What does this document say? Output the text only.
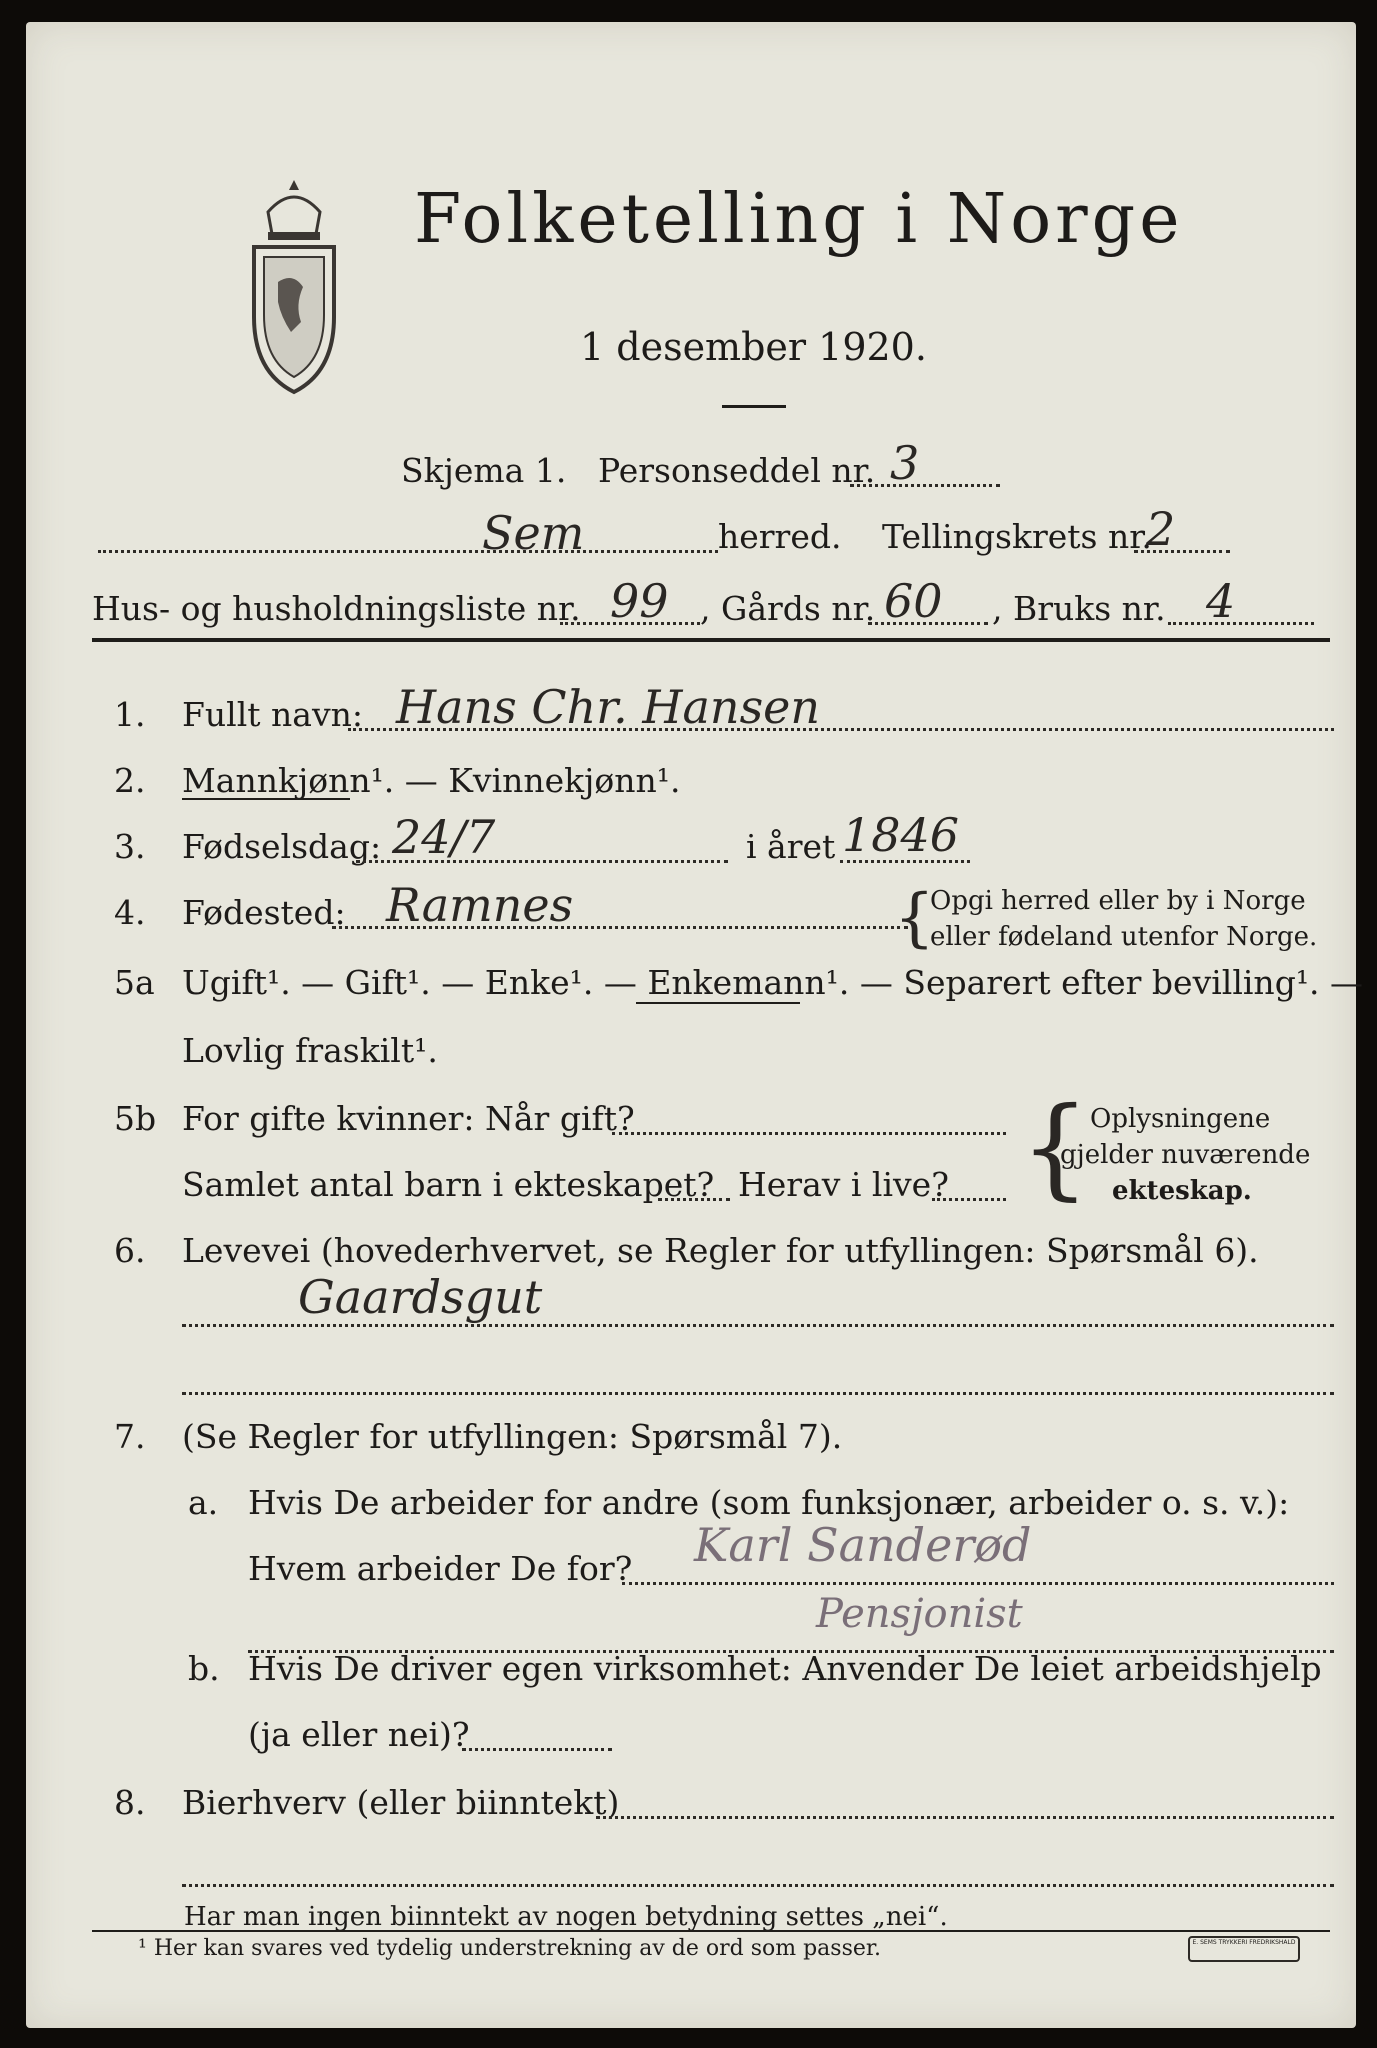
Folketelling i Norge
1 desember 1920.
Skjema 1. Personseddel nr. 3
Sem	herred. Tellingskrets nr.
2
Hus- og husholdningsliste nr. 99 , Gårds nr. 60 , Bruks nr. 4
1. Fullt navn: Hans Chr. Hansen
2. Mannkjønn¹. — Kvinnekjønn¹.
3. Fødselsdag: 24/7	i året 1846
4. Fødested: Ramnes	{
Opgi herred eller by i Norge
eller fødeland utenfor Norge.
5a Ugift¹. — Gift¹. — Enke¹. — Enkemann¹. — Separert efter bevilling¹. —
Lovlig fraskilt¹.
5b For gifte kvinner: Når gift?
Samlet antal barn i ekteskapet? Herav i live? { Oplysningene
gjelder nuværende
ekteskap.
6. Levevei (hovederhvervet, se Regler for utfyllingen: Spørsmål 6).
Gaardsgut
7. (Se Regler for utfyllingen: Spørsmål 7).
a. Hvis De arbeider for andre (som funksjonær, arbeider o. s. v.):
Hvem arbeider De for? Karl Sanderød
Pensjonist
b. Hvis De driver egen virksomhet: Anvender De leiet arbeidshjelp
(ja eller nei)?
8. Bierhverv (eller biinntekt)
Har man ingen biinntekt av nogen betydning settes „nei“.
¹ Her kan svares ved tydelig understrekning av de ord som passer.	E. SEMS TRYKKERI FREDRIKSHALD
